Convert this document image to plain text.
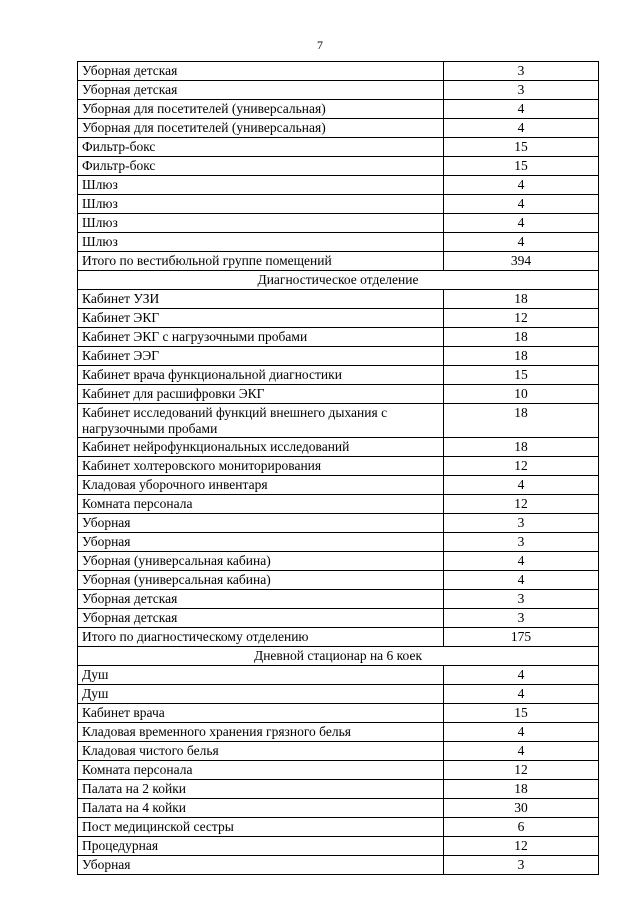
7
Уборная детская	3
Уборная детская	3
Уборная для посетителей (универсальная)	4
Уборная для посетителей (универсальная)	4
Фильтр-бокс	15
Фильтр-бокс	15
Шлюз	4
Шлюз	4
Шлюз	4
Шлюз	4
Итого по вестибюльной группе помещений	394
Диагностическое отделение	
Кабинет УЗИ	18
Кабинет ЭКГ	12
Кабинет ЭКГ с нагрузочными пробами	18
Кабинет ЭЭГ	18
Кабинет врача функциональной диагностики	15
Кабинет для расшифровки ЭКГ	10
Кабинет исследований функций внешнего дыхания с нагрузочными пробами	18
Кабинет нейрофункциональных исследований	18
Кабинет холтеровского мониторирования	12
Кладовая уборочного инвентаря	4
Комната персонала	12
Уборная	3
Уборная	3
Уборная (универсальная кабина)	4
Уборная (универсальная кабина)	4
Уборная детская	3
Уборная детская	3
Итого по диагностическому отделению	175
Дневной стационар на 6 коек	
Душ	4
Душ	4
Кабинет врача	15
Кладовая временного хранения грязного белья	4
Кладовая чистого белья	4
Комната персонала	12
Палата на 2 койки	18
Палата на 4 койки	30
Пост медицинской сестры	6
Процедурная	12
Уборная	3
